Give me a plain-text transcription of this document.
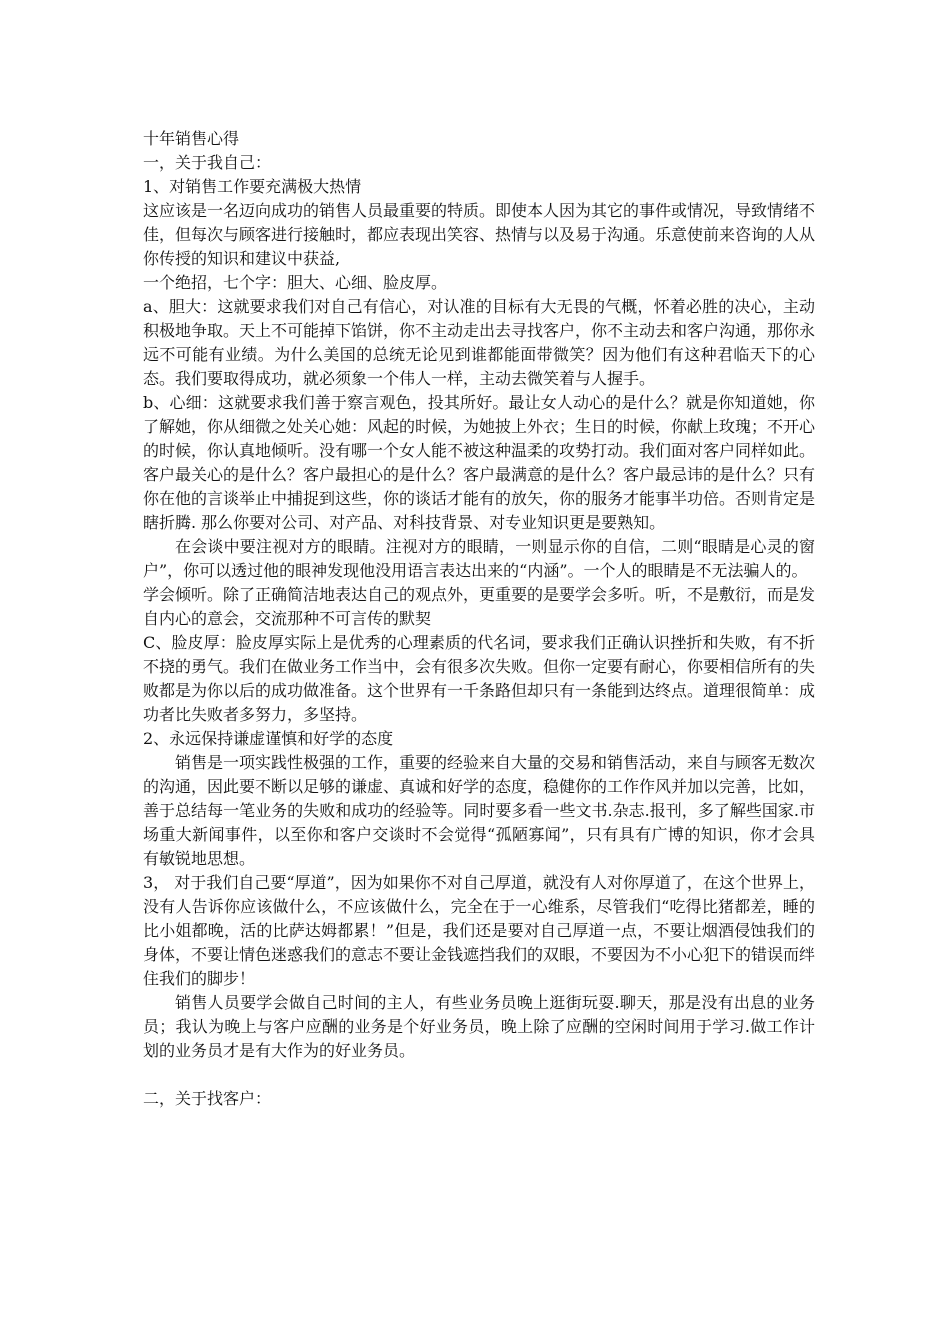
十年销售心得

一，关于我自己：

1、对销售工作要充满极大热情

这应该是一名迈向成功的销售人员最重要的特质。即使本人因为其它的事件或情况，导致情绪不佳，但每次与顾客进行接触时，都应表现出笑容、热情与以及易于沟通。乐意使前来咨询的人从你传授的知识和建议中获益,

一个绝招，七个字：胆大、心细、脸皮厚。

a、胆大：这就要求我们对自己有信心，对认准的目标有大无畏的气概，怀着必胜的决心，主动积极地争取。天上不可能掉下馅饼，你不主动走出去寻找客户，你不主动去和客户沟通，那你永远不可能有业绩。为什么美国的总统无论见到谁都能面带微笑？因为他们有这种君临天下的心态。我们要取得成功，就必须象一个伟人一样，主动去微笑着与人握手。

b、心细：这就要求我们善于察言观色，投其所好。最让女人动心的是什么？就是你知道她，你了解她，你从细微之处关心她：风起的时候，为她披上外衣；生日的时候，你献上玫瑰；不开心的时候，你认真地倾听。没有哪一个女人能不被这种温柔的攻势打动。我们面对客户同样如此。客户最关心的是什么？客户最担心的是什么？客户最满意的是什么？客户最忌讳的是什么？只有你在他的言谈举止中捕捉到这些，你的谈话才能有的放矢，你的服务才能事半功倍。否则肯定是瞎折腾. 那么你要对公司、对产品、对科技背景、对专业知识更是要熟知。

在会谈中要注视对方的眼睛。注视对方的眼睛，一则显示你的自信，二则“眼睛是心灵的窗户”，你可以透过他的眼神发现他没用语言表达出来的“内涵”。一个人的眼睛是不无法骗人的。

学会倾听。除了正确简洁地表达自己的观点外，更重要的是要学会多听。听，不是敷衍，而是发自内心的意会，交流那种不可言传的默契

C、脸皮厚：脸皮厚实际上是优秀的心理素质的代名词，要求我们正确认识挫折和失败，有不折不挠的勇气。我们在做业务工作当中，会有很多次失败。但你一定要有耐心，你要相信所有的失败都是为你以后的成功做准备。这个世界有一千条路但却只有一条能到达终点。道理很简单：成功者比失败者多努力，多坚持。

2、永远保持谦虚谨慎和好学的态度

销售是一项实践性极强的工作，重要的经验来自大量的交易和销售活动，来自与顾客无数次的沟通，因此要不断以足够的谦虚、真诚和好学的态度，稳健你的工作作风并加以完善，比如，善于总结每一笔业务的失败和成功的经验等。同时要多看一些文书.杂志.报刊，多了解些国家.市场重大新闻事件，以至你和客户交谈时不会觉得“孤陋寡闻”，只有具有广博的知识，你才会具有敏锐地思想。

3， 对于我们自己要“厚道”，因为如果你不对自己厚道，就没有人对你厚道了，在这个世界上，没有人告诉你应该做什么，不应该做什么，完全在于一心维系，尽管我们“吃得比猪都差，睡的比小姐都晚，活的比萨达姆都累！”但是，我们还是要对自己厚道一点，不要让烟酒侵蚀我们的身体，不要让情色迷惑我们的意志不要让金钱遮挡我们的双眼，不要因为不小心犯下的错误而绊住我们的脚步！

销售人员要学会做自己时间的主人，有些业务员晚上逛街玩耍.聊天，那是没有出息的业务员；我认为晚上与客户应酬的业务是个好业务员，晚上除了应酬的空闲时间用于学习.做工作计划的业务员才是有大作为的好业务员。

二，关于找客户：
